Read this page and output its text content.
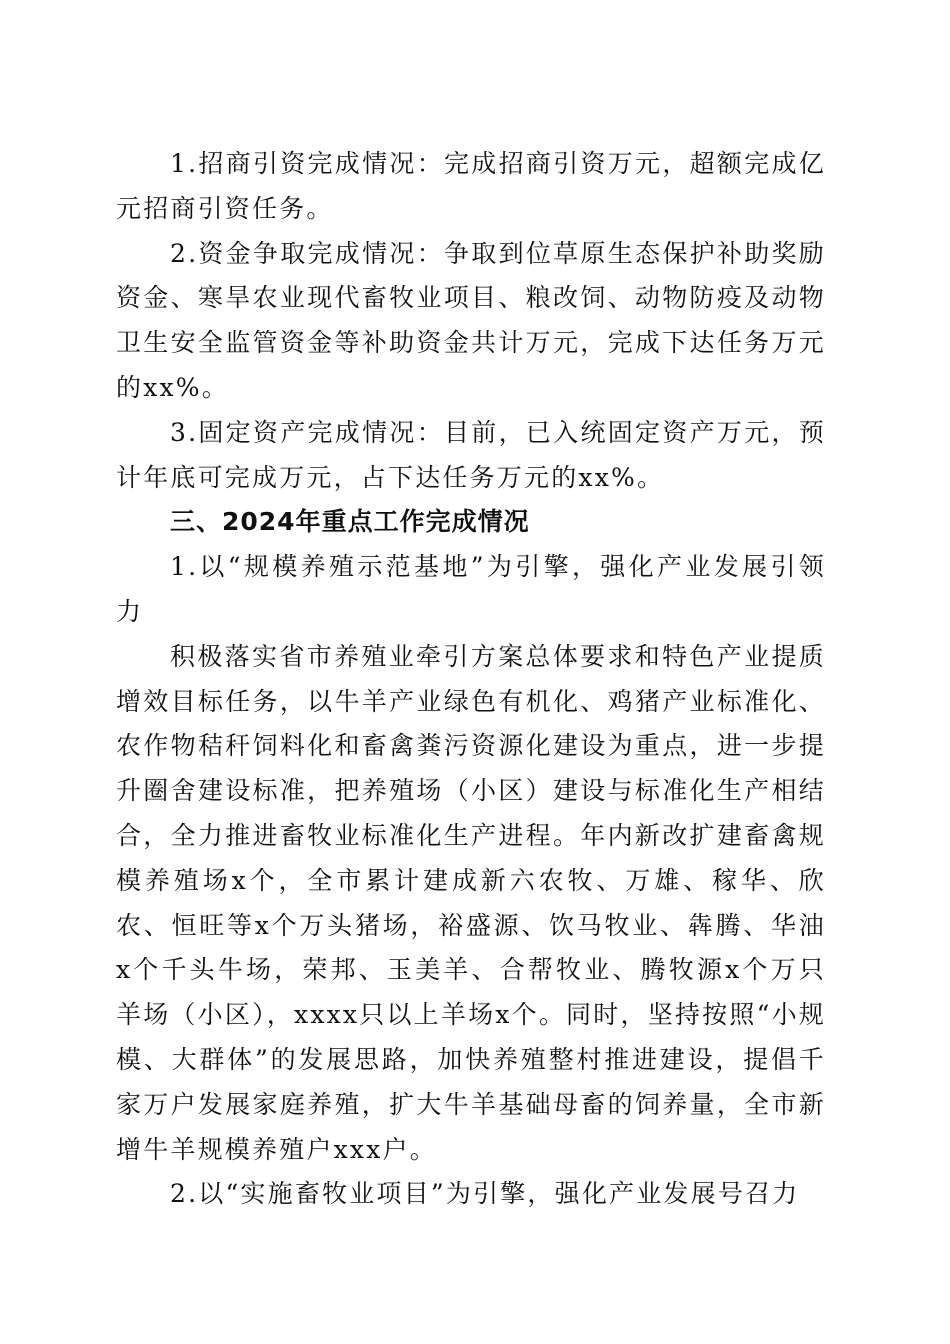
1.招商引资完成情况：完成招商引资万元，超额完成亿元招商引资任务。

2.资金争取完成情况：争取到位草原生态保护补助奖励资金、寒旱农业现代畜牧业项目、粮改饲、动物防疫及动物卫生安全监管资金等补助资金共计万元，完成下达任务万元的xx%。

3.固定资产完成情况：目前，已入统固定资产万元，预计年底可完成万元，占下达任务万元的xx%。

三、2024年重点工作完成情况

1.以“规模养殖示范基地”为引擎，强化产业发展引领力

积极落实省市养殖业牵引方案总体要求和特色产业提质增效目标任务，以牛羊产业绿色有机化、鸡猪产业标准化、农作物秸秆饲料化和畜禽粪污资源化建设为重点，进一步提升圈舍建设标准，把养殖场（小区）建设与标准化生产相结合，全力推进畜牧业标准化生产进程。年内新改扩建畜禽规模养殖场x个，全市累计建成新六农牧、万雄、稼华、欣农、恒旺等x个万头猪场，裕盛源、饮马牧业、犇腾、华油x个千头牛场，荣邦、玉美羊、合帮牧业、腾牧源x个万只羊场（小区），xxxx只以上羊场x个。同时，坚持按照“小规模、大群体”的发展思路，加快养殖整村推进建设，提倡千家万户发展家庭养殖，扩大牛羊基础母畜的饲养量，全市新增牛羊规模养殖户xxx户。

2.以“实施畜牧业项目”为引擎，强化产业发展号召力
